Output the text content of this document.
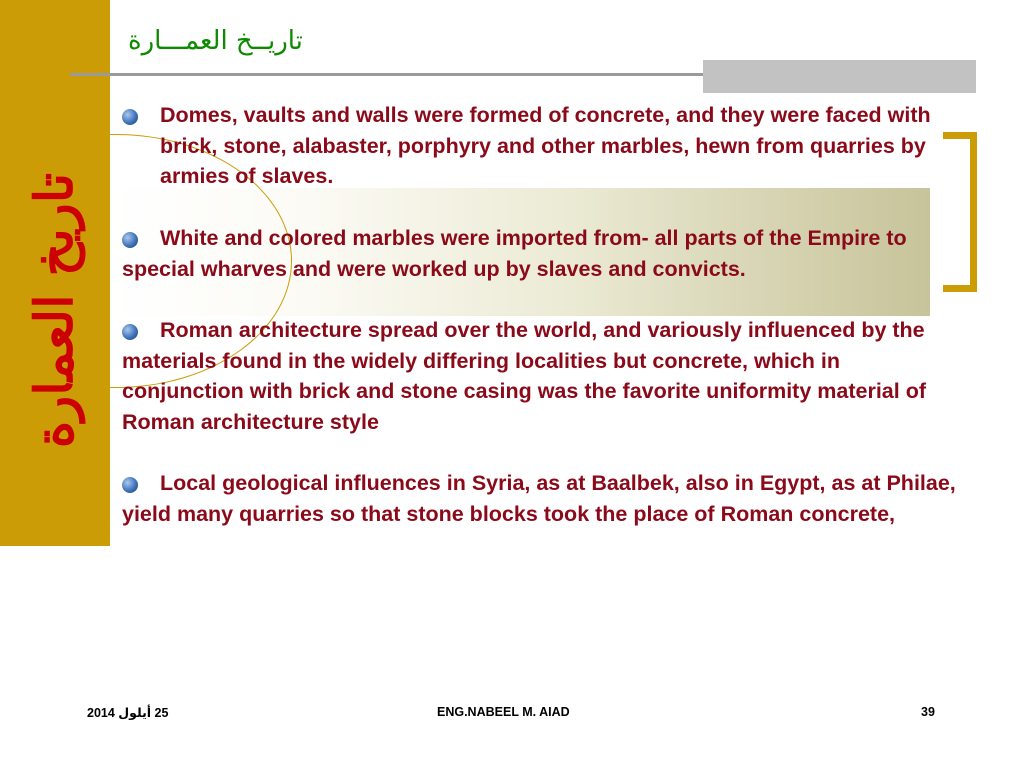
تاريخ العمارة
تاريــخ العمـــارة
Domes, vaults and walls were formed of concrete, and they were faced with brick, stone, alabaster, porphyry and other marbles, hewn from quarries by armies of slaves.
White and colored marbles were imported from- all parts of the Empire to special wharves and were worked up by slaves and convicts.
Roman architecture spread over the world, and variously influenced by the materials found in the widely differing localities but concrete, which in conjunction with brick and stone casing was the favorite uniformity material of Roman architecture style
Local geological influences in Syria, as at Baalbek, also in Egypt, as at Philae, yield many quarries so that stone blocks took the place of Roman concrete,
25 أيلول 2014	ENG.NABEEL M. AIAD	39
